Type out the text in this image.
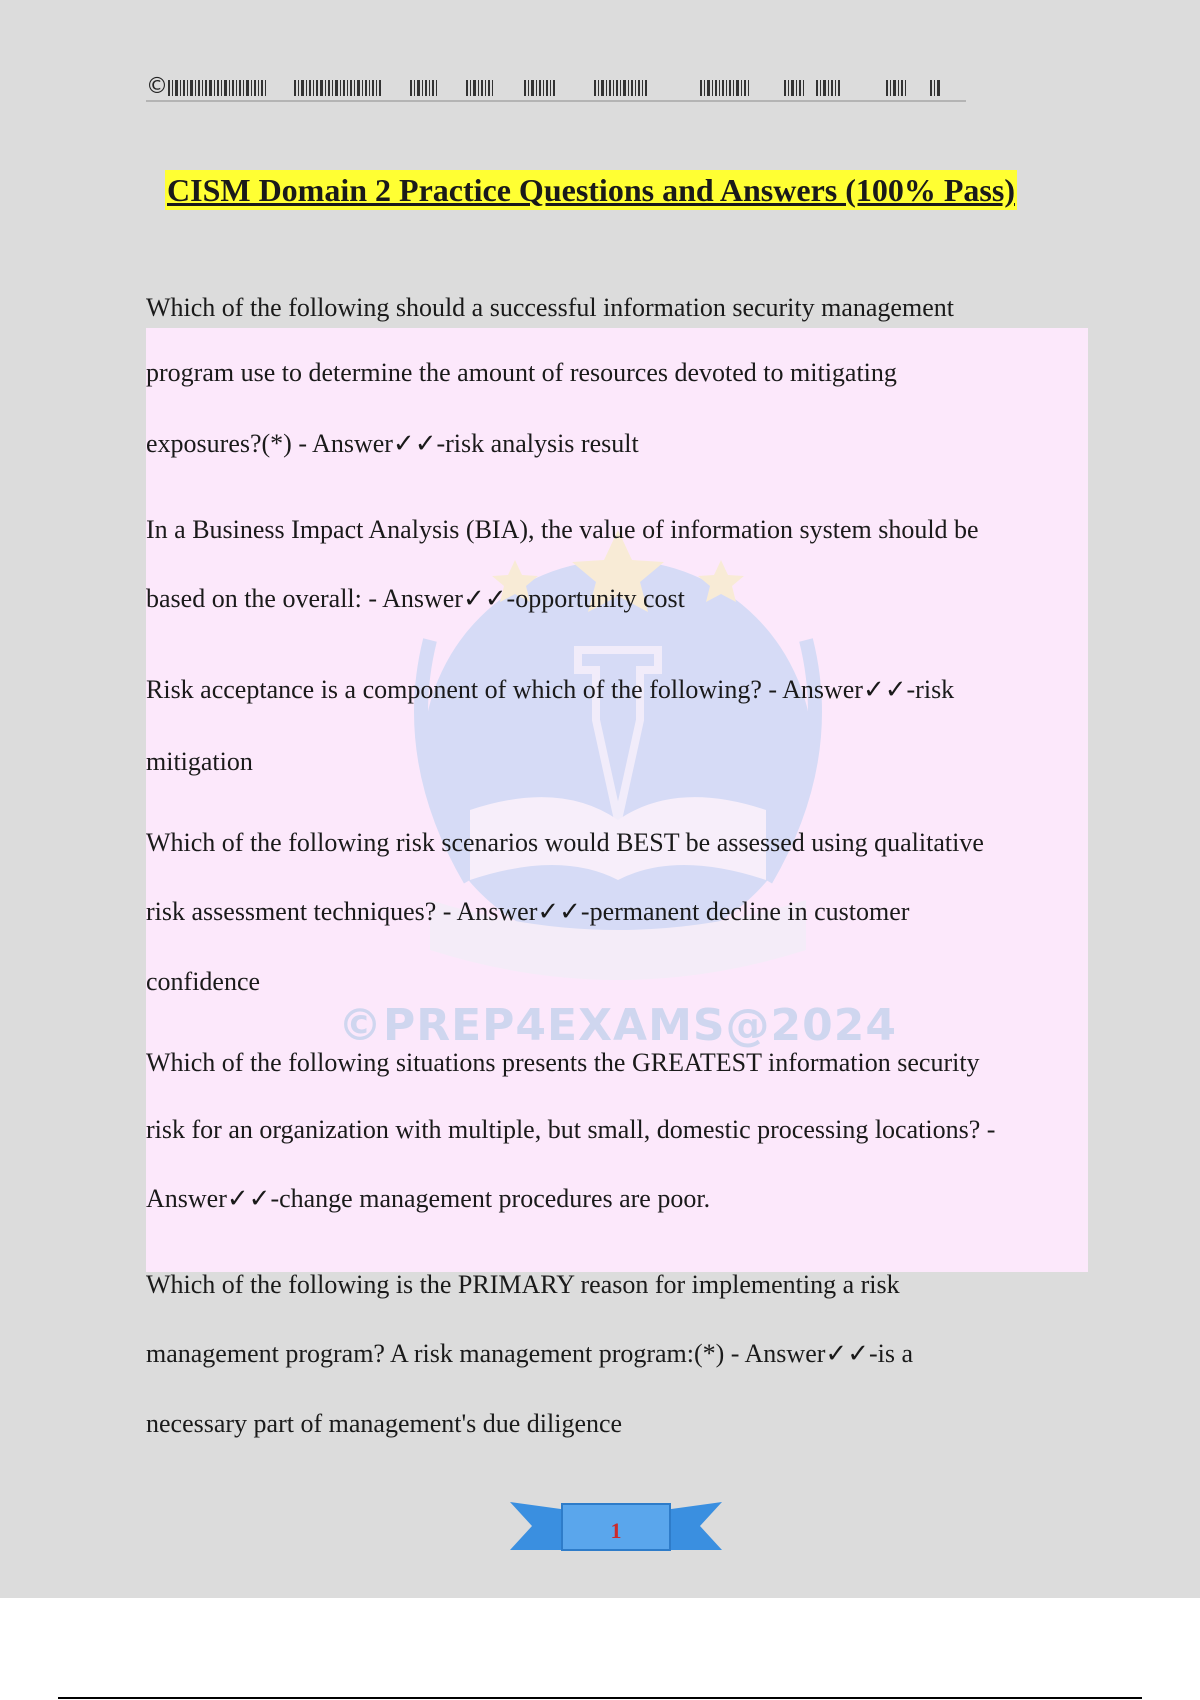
©PREP4EXAMS@2024
©
CISM Domain 2 Practice Questions and Answers (100% Pass)

Which of the following should a successful information security management

program use to determine the amount of resources devoted to mitigating

exposures?(*) - Answer✓✓-risk analysis result

In a Business Impact Analysis (BIA), the value of information system should be

based on the overall: - Answer✓✓-opportunity cost

Risk acceptance is a component of which of the following? - Answer✓✓-risk

mitigation

Which of the following risk scenarios would BEST be assessed using qualitative

risk assessment techniques? - Answer✓✓-permanent decline in customer

confidence

Which of the following situations presents the GREATEST information security

risk for an organization with multiple, but small, domestic processing locations? -

Answer✓✓-change management procedures are poor.

Which of the following is the PRIMARY reason for implementing a risk

management program? A risk management program:(*) - Answer✓✓-is a

necessary part of management's due diligence

1
